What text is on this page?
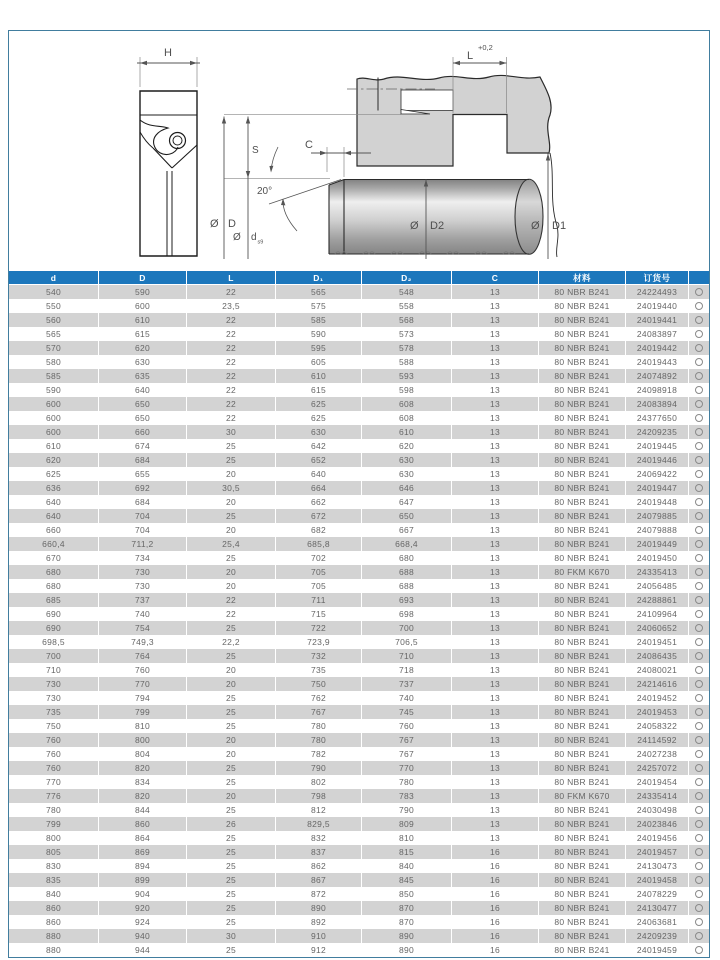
H	L
+0,2
Ø D
S
Ø d s9
20°
C
Ø D2	Ø D1
d	D	L	D₁	D₂	C	材料	订货号
540	590	22	565	548	13	80 NBR B241	24224493
550	600	23,5	575	558	13	80 NBR B241	24019440
560	610	22	585	568	13	80 NBR B241	24019441
565	615	22	590	573	13	80 NBR B241	24083897
570	620	22	595	578	13	80 NBR B241	24019442
580	630	22	605	588	13	80 NBR B241	24019443
585	635	22	610	593	13	80 NBR B241	24074892
590	640	22	615	598	13	80 NBR B241	24098918
600	650	22	625	608	13	80 NBR B241	24083894
600	650	22	625	608	13	80 NBR B241	24377650
600	660	30	630	610	13	80 NBR B241	24209235
610	674	25	642	620	13	80 NBR B241	24019445
620	684	25	652	630	13	80 NBR B241	24019446
625	655	20	640	630	13	80 NBR B241	24069422
636	692	30,5	664	646	13	80 NBR B241	24019447
640	684	20	662	647	13	80 NBR B241	24019448
640	704	25	672	650	13	80 NBR B241	24079885
660	704	20	682	667	13	80 NBR B241	24079888
660,4	711,2	25,4	685,8	668,4	13	80 NBR B241	24019449
670	734	25	702	680	13	80 NBR B241	24019450
680	730	20	705	688	13	80 FKM K670	24335413
680	730	20	705	688	13	80 NBR B241	24056485
685	737	22	711	693	13	80 NBR B241	24288861
690	740	22	715	698	13	80 NBR B241	24109964
690	754	25	722	700	13	80 NBR B241	24060652
698,5	749,3	22,2	723,9	706,5	13	80 NBR B241	24019451
700	764	25	732	710	13	80 NBR B241	24086435
710	760	20	735	718	13	80 NBR B241	24080021
730	770	20	750	737	13	80 NBR B241	24214616
730	794	25	762	740	13	80 NBR B241	24019452
735	799	25	767	745	13	80 NBR B241	24019453
750	810	25	780	760	13	80 NBR B241	24058322
760	800	20	780	767	13	80 NBR B241	24114592
760	804	20	782	767	13	80 NBR B241	24027238
760	820	25	790	770	13	80 NBR B241	24257072
770	834	25	802	780	13	80 NBR B241	24019454
776	820	20	798	783	13	80 FKM K670	24335414
780	844	25	812	790	13	80 NBR B241	24030498
799	860	26	829,5	809	13	80 NBR B241	24023846
800	864	25	832	810	13	80 NBR B241	24019456
805	869	25	837	815	16	80 NBR B241	24019457
830	894	25	862	840	16	80 NBR B241	24130473
835	899	25	867	845	16	80 NBR B241	24019458
840	904	25	872	850	16	80 NBR B241	24078229
860	920	25	890	870	16	80 NBR B241	24130477
860	924	25	892	870	16	80 NBR B241	24063681
880	940	30	910	890	16	80 NBR B241	24209239
880	944	25	912	890	16	80 NBR B241	24019459
